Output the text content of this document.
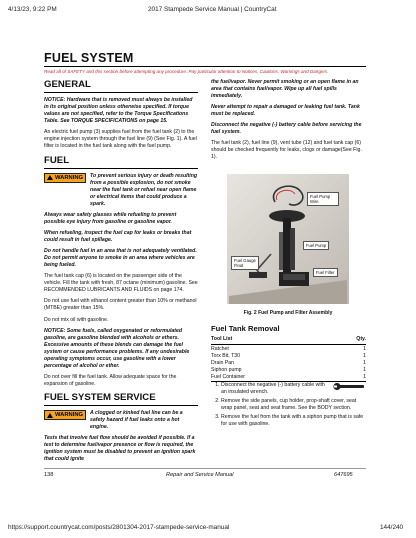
4/13/23, 9:22 PM	2017 Stampede Service Manual | CountryCat
FUEL SYSTEM
Read all of SAFETY and this section before attempting any procedure. Pay particular attention to Notices, Cautions, Warnings and Dangers.
GENERAL

NOTICE: Hardware that is removed must always be installed in its original position unless otherwise specified. If torque values are not specified, refer to the Torque Specifications Table. See TORQUE SPECIFICATIONS on page 15.

An electric fuel pump (3) supplies fuel from the fuel tank (2) to the engine injection system through the fuel line (9) (See Fig. 1). A fuel filter is located in the fuel tank along with the fuel pump.

FUEL
WARNING To prevent serious injury or death resulting from a possible explosion, do not smoke near the fuel tank or refuel near open flame or electrical items that could produce a spark.

Always wear safety glasses while refueling to prevent possible eye injury from gasoline or gasoline vapor.

When refueling, inspect the fuel cap for leaks or breaks that could result in fuel spillage.

Do not handle fuel in an area that is not adequately ventilated. Do not permit anyone to smoke in an area where vehicles are being fueled.

The fuel tank cap (6) is located on the passenger side of the vehicle. Fill the tank with fresh, 87 octane (minimum) gasoline. See RECOMMENDED LUBRICANTS AND FLUIDS on page 174.

Do not use fuel with ethanol content greater than 10% or methanol (MTBE) greater than 15%.

Do not mix oil with gasoline.

NOTICE: Some fuels, called oxygenated or reformulated gasoline, are gasoline blended with alcohols or ethers. Excessive amounts of these blends can damage the fuel system or cause performance problems. If any undesirable operating symptoms occur, use gasoline with a lower percentage of alcohol or ether.

Do not over fill the fuel tank. Allow adequate space for the expansion of gasoline.

FUEL SYSTEM SERVICE
WARNING A clogged or kinked fuel line can be a safety hazard if fuel leaks onto a hot engine.

Tests that involve fuel flow should be avoided if possible. If a test to determine fuel/vapor presence or flow is required, the ignition system must be disabled to prevent an ignition spark that could ignite

the fuel/vapor. Never permit smoking or an open flame in an area that contains fuel/vapor. Wipe up all fuel spills immediately.

Never attempt to repair a damaged or leaking fuel tank. Tank must be replaced.

Disconnect the negative (-) battery cable before servicing the fuel system.

The fuel tank (2), fuel line (9), vent tube (12) and fuel tank cap (6) should be checked frequently for leaks, clogs or damage(See Fig. 1).

Fuel Pump Wire
Fuel Pump
Fuel Gauge Float
Fuel Filter
Fig. 2 Fuel Pump and Filter Assembly
Fuel Tank Removal
Tool List	Qty.
Ratchet	1
Torx Bit, T30	1
Drain Pan	1
Siphon pump	1
Fuel Container	1
1. Disconnect the negative (-) battery cable with an insulated wrench.
2. Remove the side panels, cup holder, prop-shaft cover, seat wrap panel, seat and seat frame. See the BODY section.
3. Remove the fuel from the tank with a siphon pump that is safe for use with gasoline.
138	Repair and Service Manual	647695
https://support.countrycat.com/posts/2801304-2017-stampede-service-manual	144/240
